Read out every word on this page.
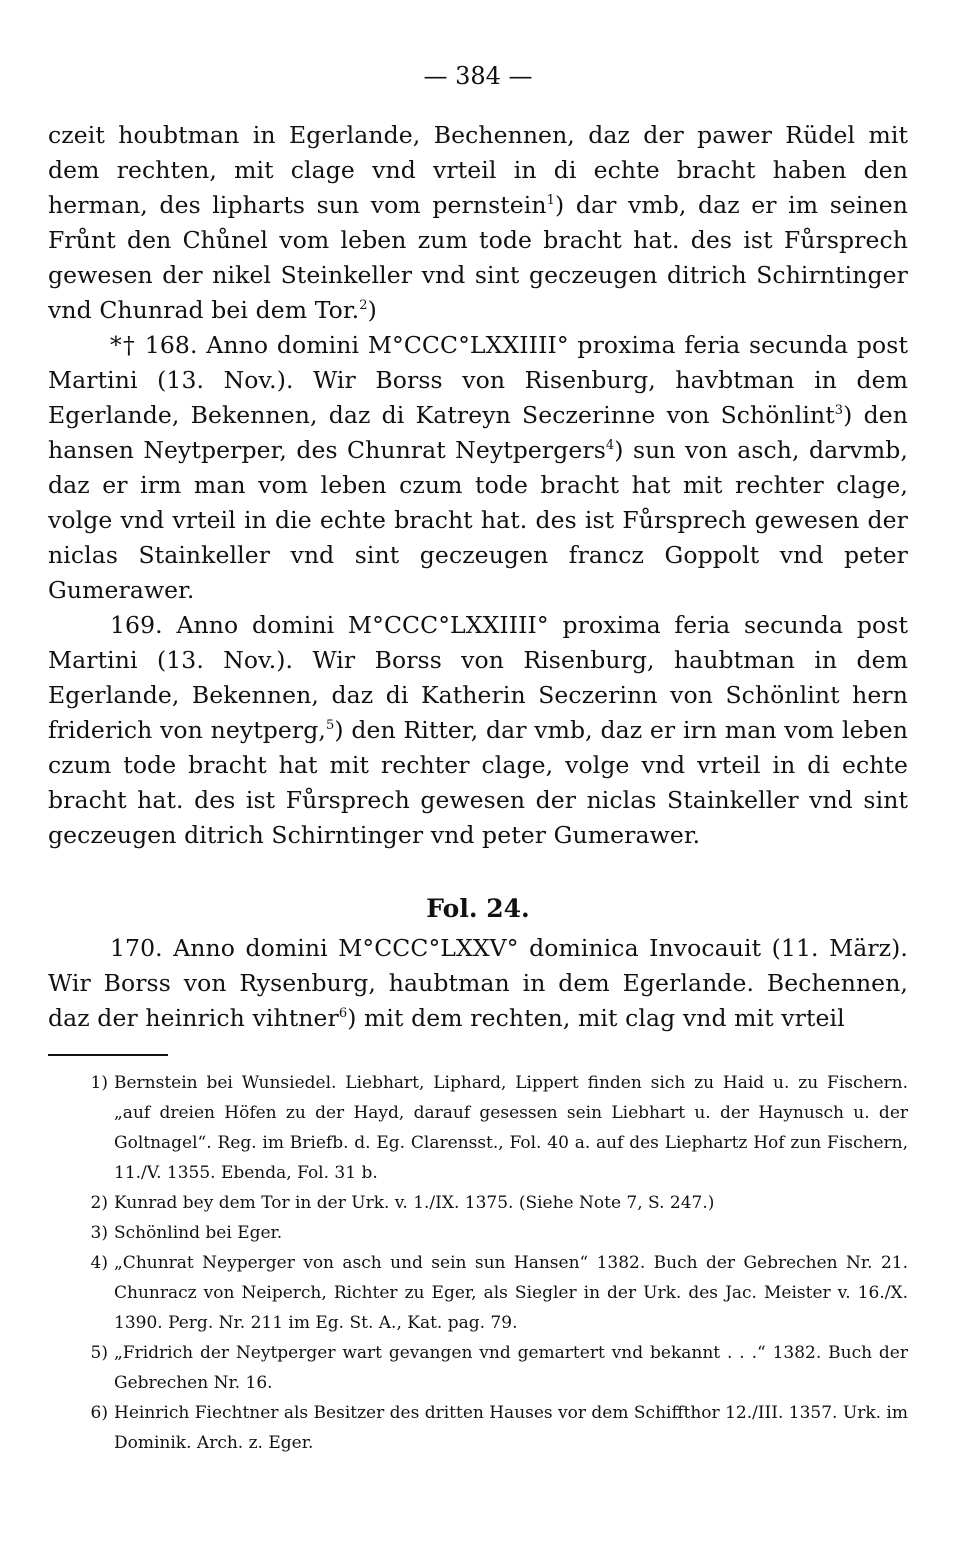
— 384 —

czeit houbtman in Egerlande, Bechennen, daz der pawer Rüdel mit dem rechten, mit clage vnd vrteil in di echte bracht haben den herman, des lipharts sun vom pernstein$^1$) dar vmb, daz er im seinen Frůnt den Chůnel vom leben zum tode bracht hat. des ist Fůrsprech gewesen der nikel Steinkeller vnd sint geczeugen ditrich Schirntinger vnd Chunrad bei dem Tor.$^2$)

*† 168. Anno domini M°CCC°LXXIIII° proxima feria secunda post Martini (13. Nov.). Wir Borss von Risenburg, havbtman in dem Egerlande, Bekennen, daz di Katreyn Seczerinne von Schönlint$^3$) den hansen Neytperper, des Chunrat Neytpergers$^4$) sun von asch, darvmb, daz er irm man vom leben czum tode bracht hat mit rechter clage, volge vnd vrteil in die echte bracht hat. des ist Fůrsprech gewesen der niclas Stainkeller vnd sint geczeugen francz Goppolt vnd peter Gumerawer.

169. Anno domini M°CCC°LXXIIII° proxima feria secunda post Martini (13. Nov.). Wir Borss von Risenburg, haubtman in dem Egerlande, Bekennen, daz di Katherin Seczerinn von Schönlint hern friderich von neytperg,$^5$) den Ritter, dar vmb, daz er irn man vom leben czum tode bracht hat mit rechter clage, volge vnd vrteil in di echte bracht hat. des ist Fůrsprech gewesen der niclas Stainkeller vnd sint geczeugen ditrich Schirntinger vnd peter Gumerawer.

Fol. 24.

170. Anno domini M°CCC°LXXV° dominica Invocauit (11. März). Wir Borss von Rysenburg, haubtman in dem Egerlande. Bechennen, daz der heinrich vihtner$^6$) mit dem rechten, mit clag vnd mit vrteil

1) Bernstein bei Wunsiedel. Liebhart, Liphard, Lippert finden sich zu Haid u. zu Fischern. „auf dreien Höfen zu der Hayd, darauf gesessen sein Liebhart u. der Haynusch u. der Goltnagel“. Reg. im Briefb. d. Eg. Clarensst., Fol. 40 a. auf des Liephartz Hof zun Fischern, 11./V. 1355. Ebenda, Fol. 31 b.
2) Kunrad bey dem Tor in der Urk. v. 1./IX. 1375. (Siehe Note 7, S. 247.)
3) Schönlind bei Eger.
4) „Chunrat Neyperger von asch und sein sun Hansen“ 1382. Buch der Gebrechen Nr. 21. Chunracz von Neiperch, Richter zu Eger, als Siegler in der Urk. des Jac. Meister v. 16./X. 1390. Perg. Nr. 211 im Eg. St. A., Kat. pag. 79.
5) „Fridrich der Neytperger wart gevangen vnd gemartert vnd bekannt . . .“ 1382. Buch der Gebrechen Nr. 16.
6) Heinrich Fiechtner als Besitzer des dritten Hauses vor dem Schiffthor 12./III. 1357. Urk. im Dominik. Arch. z. Eger.
